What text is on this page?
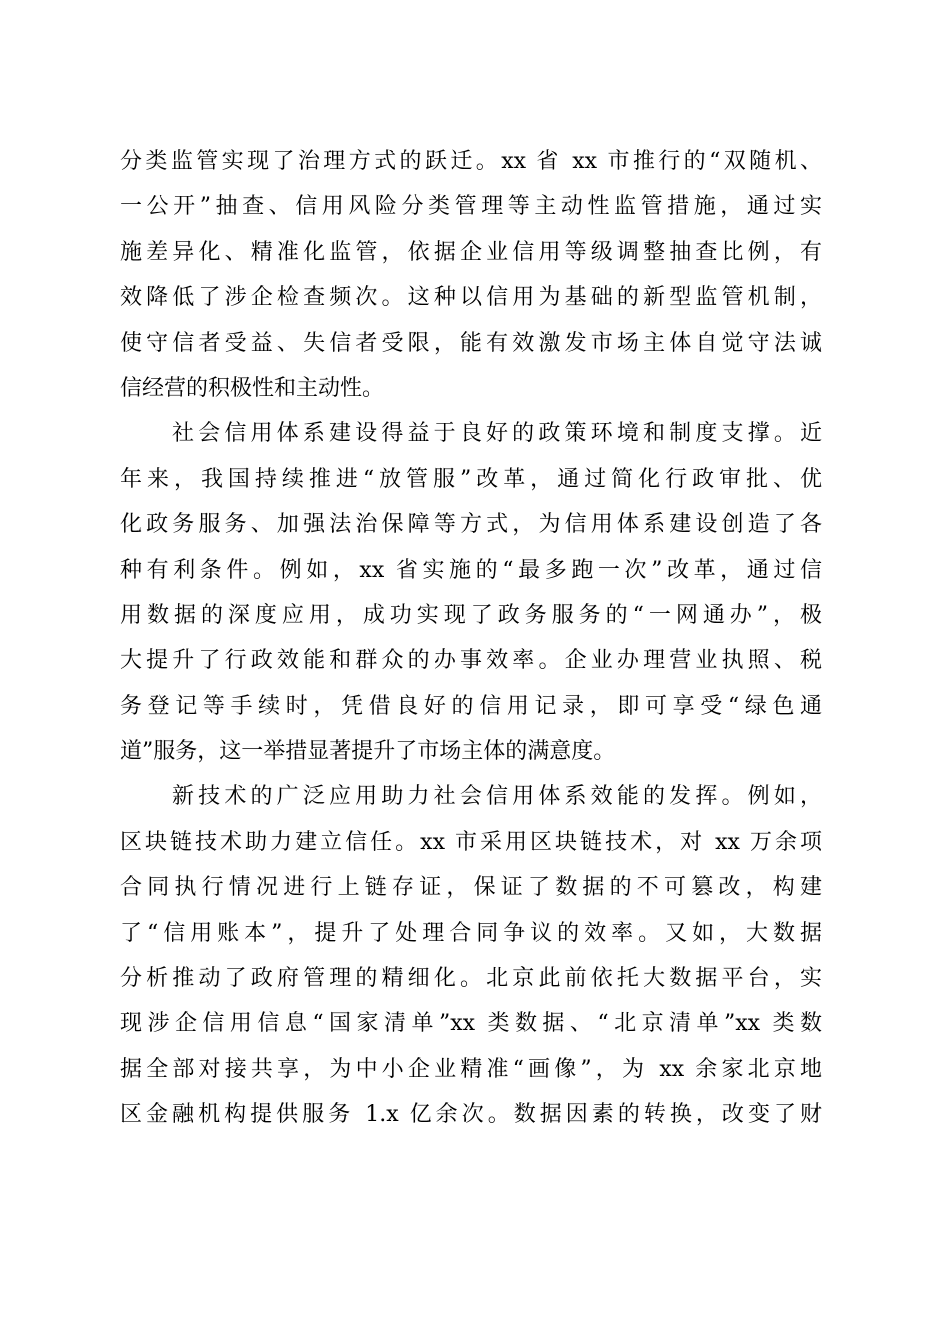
分类监管实现了治理方式的跃迁。xx 省 xx 市推行的“双随机、
一公开”抽查、信用风险分类管理等主动性监管措施，通过实
施差异化、精准化监管，依据企业信用等级调整抽查比例，有
效降低了涉企检查频次。这种以信用为基础的新型监管机制，
使守信者受益、失信者受限，能有效激发市场主体自觉守法诚
信经营的积极性和主动性。
社会信用体系建设得益于良好的政策环境和制度支撑。近
年来，我国持续推进“放管服”改革，通过简化行政审批、优
化政务服务、加强法治保障等方式，为信用体系建设创造了各
种有利条件。例如，xx 省实施的“最多跑一次”改革，通过信
用数据的深度应用，成功实现了政务服务的“一网通办”，极
大提升了行政效能和群众的办事效率。企业办理营业执照、税
务登记等手续时，凭借良好的信用记录，即可享受“绿色通
道”服务，这一举措显著提升了市场主体的满意度。
新技术的广泛应用助力社会信用体系效能的发挥。例如，
区块链技术助力建立信任。xx 市采用区块链技术，对 xx 万余项
合同执行情况进行上链存证，保证了数据的不可篡改，构建
了“信用账本”，提升了处理合同争议的效率。又如，大数据
分析推动了政府管理的精细化。北京此前依托大数据平台，实
现涉企信用信息“国家清单”xx 类数据、“北京清单”xx 类数
据全部对接共享，为中小企业精准“画像”，为 xx 余家北京地
区金融机构提供服务 1.x 亿余次。数据因素的转换，改变了财
